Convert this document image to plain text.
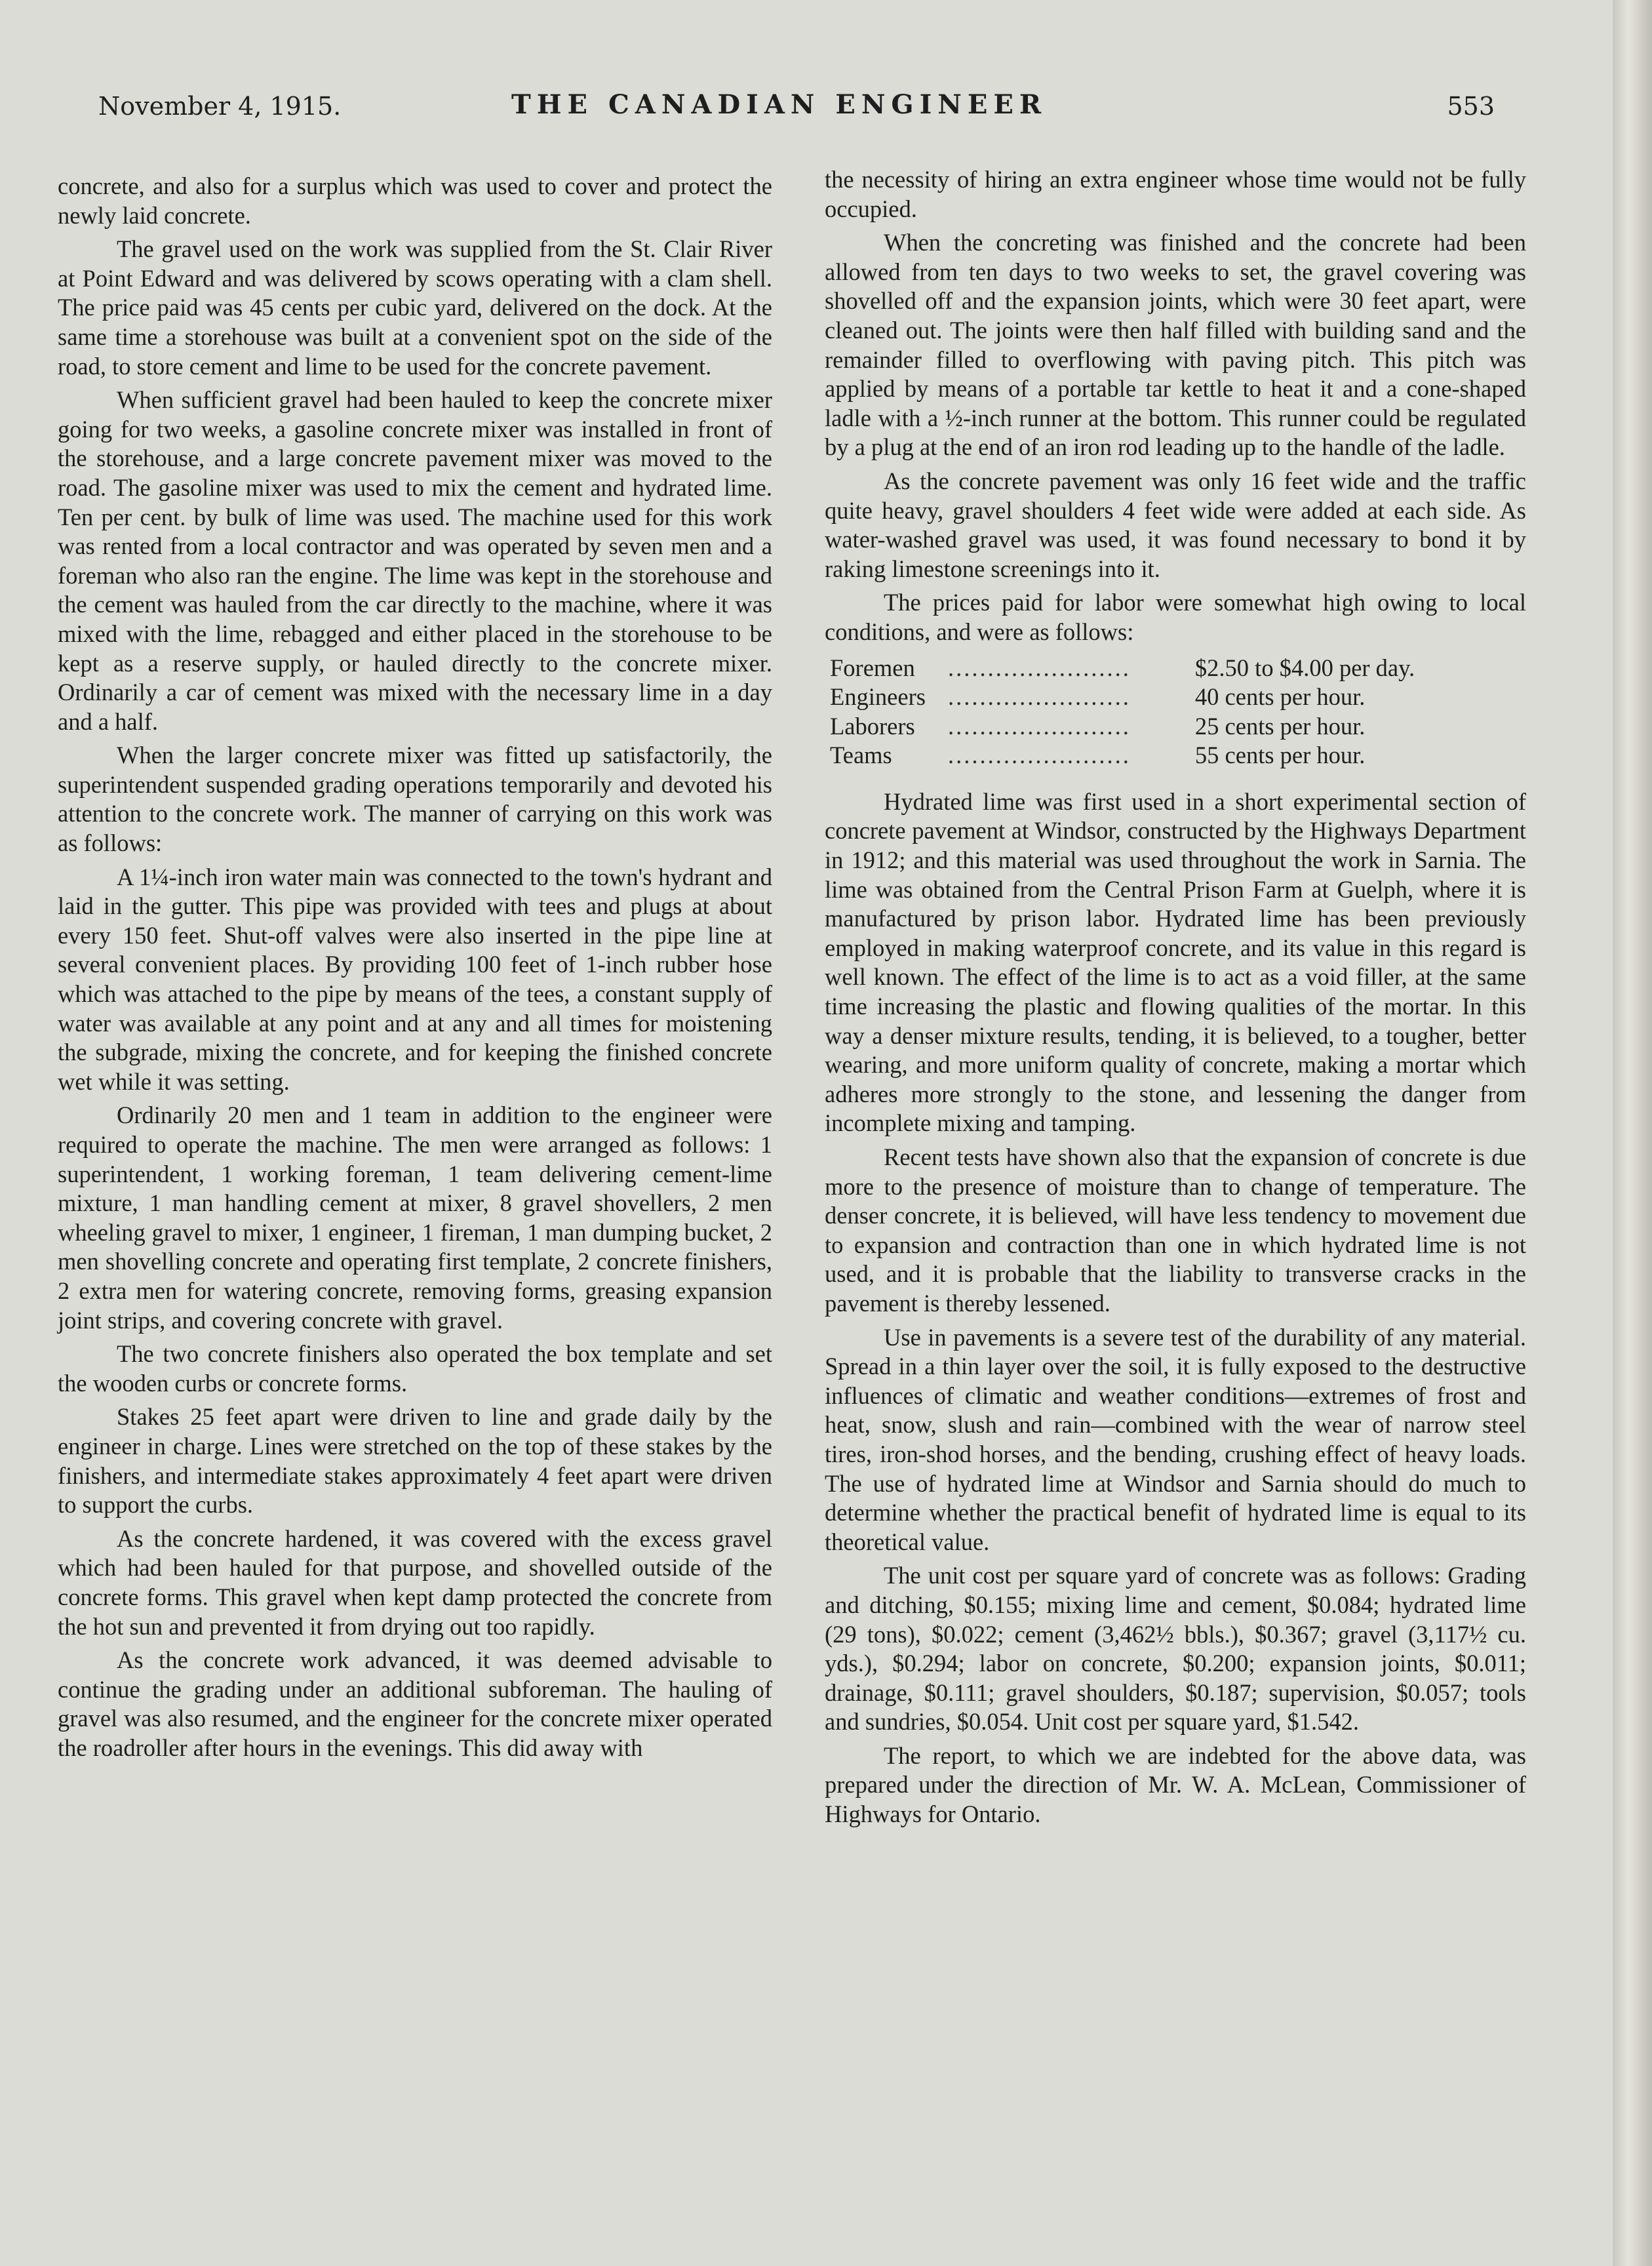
November 4, 1915.	THE CANADIAN ENGINEER	553

concrete, and also for a surplus which was used to cover and protect the newly laid concrete.

The gravel used on the work was supplied from the St. Clair River at Point Edward and was delivered by scows operating with a clam shell. The price paid was 45 cents per cubic yard, delivered on the dock. At the same time a storehouse was built at a convenient spot on the side of the road, to store cement and lime to be used for the concrete pavement.

When sufficient gravel had been hauled to keep the concrete mixer going for two weeks, a gasoline concrete mixer was installed in front of the storehouse, and a large concrete pavement mixer was moved to the road. The gasoline mixer was used to mix the cement and hydrated lime. Ten per cent. by bulk of lime was used. The machine used for this work was rented from a local contractor and was operated by seven men and a foreman who also ran the engine. The lime was kept in the storehouse and the cement was hauled from the car directly to the machine, where it was mixed with the lime, rebagged and either placed in the storehouse to be kept as a reserve supply, or hauled directly to the concrete mixer. Ordinarily a car of cement was mixed with the necessary lime in a day and a half.

When the larger concrete mixer was fitted up satisfactorily, the superintendent suspended grading operations temporarily and devoted his attention to the concrete work. The manner of carrying on this work was as follows:

A 1¼-inch iron water main was connected to the town's hydrant and laid in the gutter. This pipe was provided with tees and plugs at about every 150 feet. Shut-off valves were also inserted in the pipe line at several convenient places. By providing 100 feet of 1-inch rubber hose which was attached to the pipe by means of the tees, a constant supply of water was available at any point and at any and all times for moistening the subgrade, mixing the concrete, and for keeping the finished concrete wet while it was setting.

Ordinarily 20 men and 1 team in addition to the engineer were required to operate the machine. The men were arranged as follows: 1 superintendent, 1 working foreman, 1 team delivering cement-lime mixture, 1 man handling cement at mixer, 8 gravel shovellers, 2 men wheeling gravel to mixer, 1 engineer, 1 fireman, 1 man dumping bucket, 2 men shovelling concrete and operating first template, 2 concrete finishers, 2 extra men for watering concrete, removing forms, greasing expansion joint strips, and covering concrete with gravel.

The two concrete finishers also operated the box template and set the wooden curbs or concrete forms.

Stakes 25 feet apart were driven to line and grade daily by the engineer in charge. Lines were stretched on the top of these stakes by the finishers, and intermediate stakes approximately 4 feet apart were driven to support the curbs.

As the concrete hardened, it was covered with the excess gravel which had been hauled for that purpose, and shovelled outside of the concrete forms. This gravel when kept damp protected the concrete from the hot sun and prevented it from drying out too rapidly.

As the concrete work advanced, it was deemed advisable to continue the grading under an additional subforeman. The hauling of gravel was also resumed, and the engineer for the concrete mixer operated the roadroller after hours in the evenings. This did away with

the necessity of hiring an extra engineer whose time would not be fully occupied.

When the concreting was finished and the concrete had been allowed from ten days to two weeks to set, the gravel covering was shovelled off and the expansion joints, which were 30 feet apart, were cleaned out. The joints were then half filled with building sand and the remainder filled to overflowing with paving pitch. This pitch was applied by means of a portable tar kettle to heat it and a cone-shaped ladle with a ½-inch runner at the bottom. This runner could be regulated by a plug at the end of an iron rod leading up to the handle of the ladle.

As the concrete pavement was only 16 feet wide and the traffic quite heavy, gravel shoulders 4 feet wide were added at each side. As water-washed gravel was used, it was found necessary to bond it by raking limestone screenings into it.

The prices paid for labor were somewhat high owing to local conditions, and were as follows:

Foremen	.......................	$2.50 to $4.00 per day.
Engineers	.......................	40 cents per hour.
Laborers	.......................	25 cents per hour.
Teams	.......................	55 cents per hour.

Hydrated lime was first used in a short experimental section of concrete pavement at Windsor, constructed by the Highways Department in 1912; and this material was used throughout the work in Sarnia. The lime was obtained from the Central Prison Farm at Guelph, where it is manufactured by prison labor. Hydrated lime has been previously employed in making waterproof concrete, and its value in this regard is well known. The effect of the lime is to act as a void filler, at the same time increasing the plastic and flowing qualities of the mortar. In this way a denser mixture results, tending, it is believed, to a tougher, better wearing, and more uniform quality of concrete, making a mortar which adheres more strongly to the stone, and lessening the danger from incomplete mixing and tamping.

Recent tests have shown also that the expansion of concrete is due more to the presence of moisture than to change of temperature. The denser concrete, it is believed, will have less tendency to movement due to expansion and contraction than one in which hydrated lime is not used, and it is probable that the liability to transverse cracks in the pavement is thereby lessened.

Use in pavements is a severe test of the durability of any material. Spread in a thin layer over the soil, it is fully exposed to the destructive influences of climatic and weather conditions—extremes of frost and heat, snow, slush and rain—combined with the wear of narrow steel tires, iron-shod horses, and the bending, crushing effect of heavy loads. The use of hydrated lime at Windsor and Sarnia should do much to determine whether the practical benefit of hydrated lime is equal to its theoretical value.

The unit cost per square yard of concrete was as follows: Grading and ditching, $0.155; mixing lime and cement, $0.084; hydrated lime (29 tons), $0.022; cement (3,462½ bbls.), $0.367; gravel (3,117½ cu. yds.), $0.294; labor on concrete, $0.200; expansion joints, $0.011; drainage, $0.111; gravel shoulders, $0.187; supervision, $0.057; tools and sundries, $0.054. Unit cost per square yard, $1.542.

The report, to which we are indebted for the above data, was prepared under the direction of Mr. W. A. McLean, Commissioner of Highways for Ontario.
